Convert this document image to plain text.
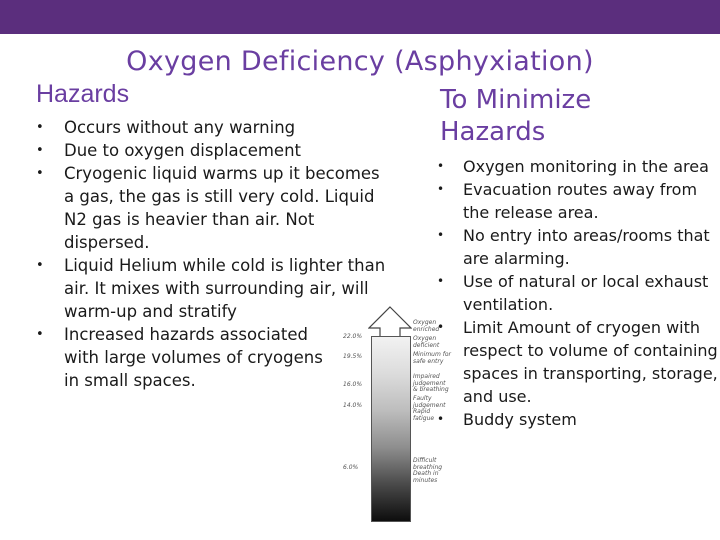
Oxygen Deficiency (Asphyxiation)
Hazards
• Occurs without any warning
• Due to oxygen displacement
• Cryogenic liquid warms up it becomes a gas, the gas is still very cold. Liquid N2 gas is heavier than air. Not dispersed.
• Liquid Helium while cold is lighter than air. It mixes with surrounding air, will warm-up and stratify
• Increased hazards associated with large volumes of cryogens in small spaces.
To Minimize
Hazards
• Oxygen monitoring in the area
• Evacuation routes away from the release area.
• No entry into areas/rooms that are alarming.
• Use of natural or local exhaust ventilation.
• Limit Amount of cryogen with respect to volume of containing spaces in transporting, storage, and use.
• Buddy system
22.0%
19.5%
16.0%
14.0%
6.0%
Oxygen enriched
Oxygen deficient
Minimum for safe entry
Impaired judgement & breathing
Faulty judgement Rapid fatigue
Difficult breathing Death in minutes
